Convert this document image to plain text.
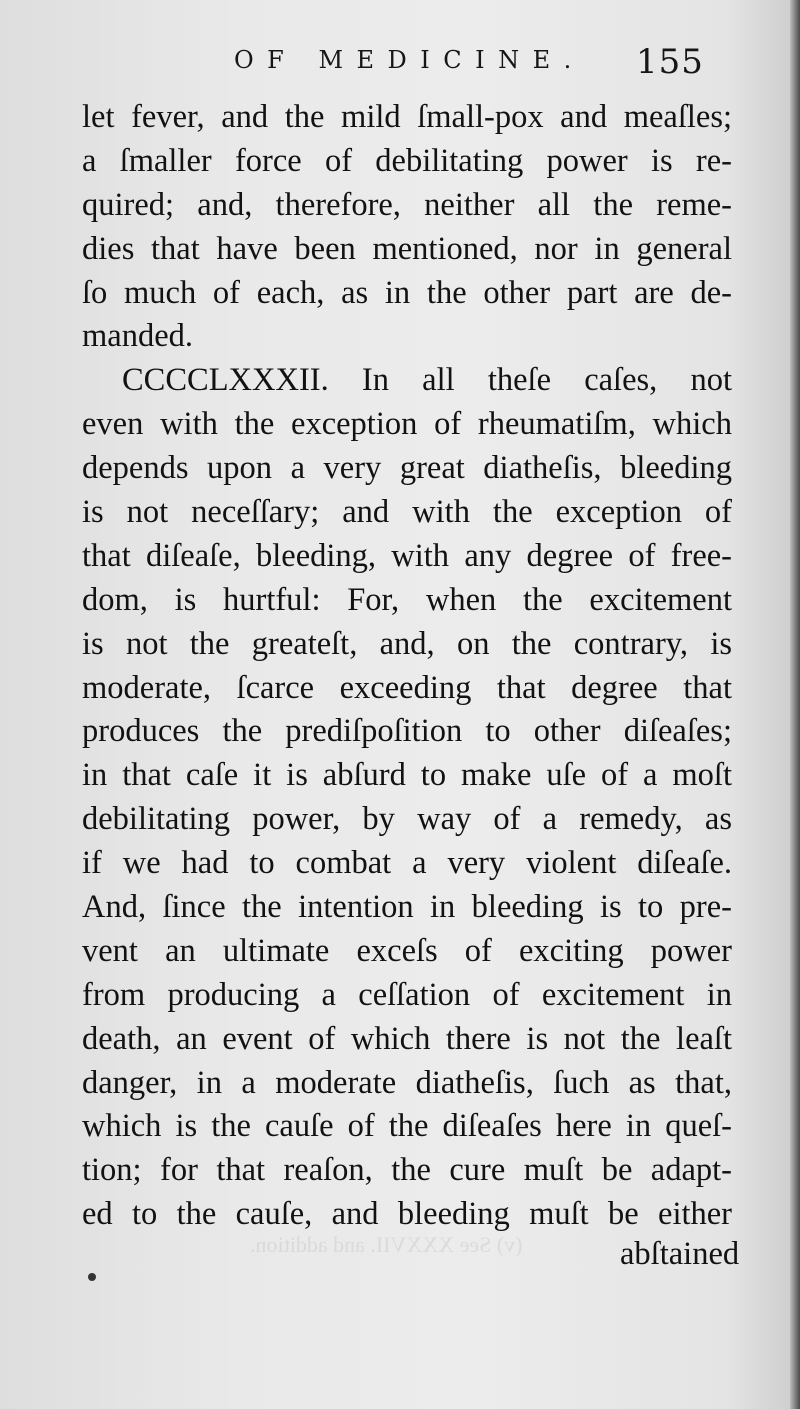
OF MEDICINE. 155
(v) See XXXVII. and addition.
let fever, and the mild ſmall-pox and meaſles;
a ſmaller force of debilitating power is re-
quired; and, therefore, neither all the reme-
dies that have been mentioned, nor in general
ſo much of each, as in the other part are de-
manded.
CCCCLXXXII. In all theſe caſes, not
even with the exception of rheumatiſm, which
depends upon a very great diatheſis, bleeding
is not neceſſary; and with the exception of
that diſeaſe, bleeding, with any degree of free-
dom, is hurtful: For, when the excitement
is not the greateſt, and, on the contrary, is
moderate, ſcarce exceeding that degree that
produces the prediſpoſition to other diſeaſes;
in that caſe it is abſurd to make uſe of a moſt
debilitating power, by way of a remedy, as
if we had to combat a very violent diſeaſe.
And, ſince the intention in bleeding is to pre-
vent an ultimate exceſs of exciting power
from producing a ceſſation of excitement in
death, an event of which there is not the leaſt
danger, in a moderate diatheſis, ſuch as that,
which is the cauſe of the diſeaſes here in queſ-
tion; for that reaſon, the cure muſt be adapt-
ed to the cauſe, and bleeding muſt be either
abſtained
